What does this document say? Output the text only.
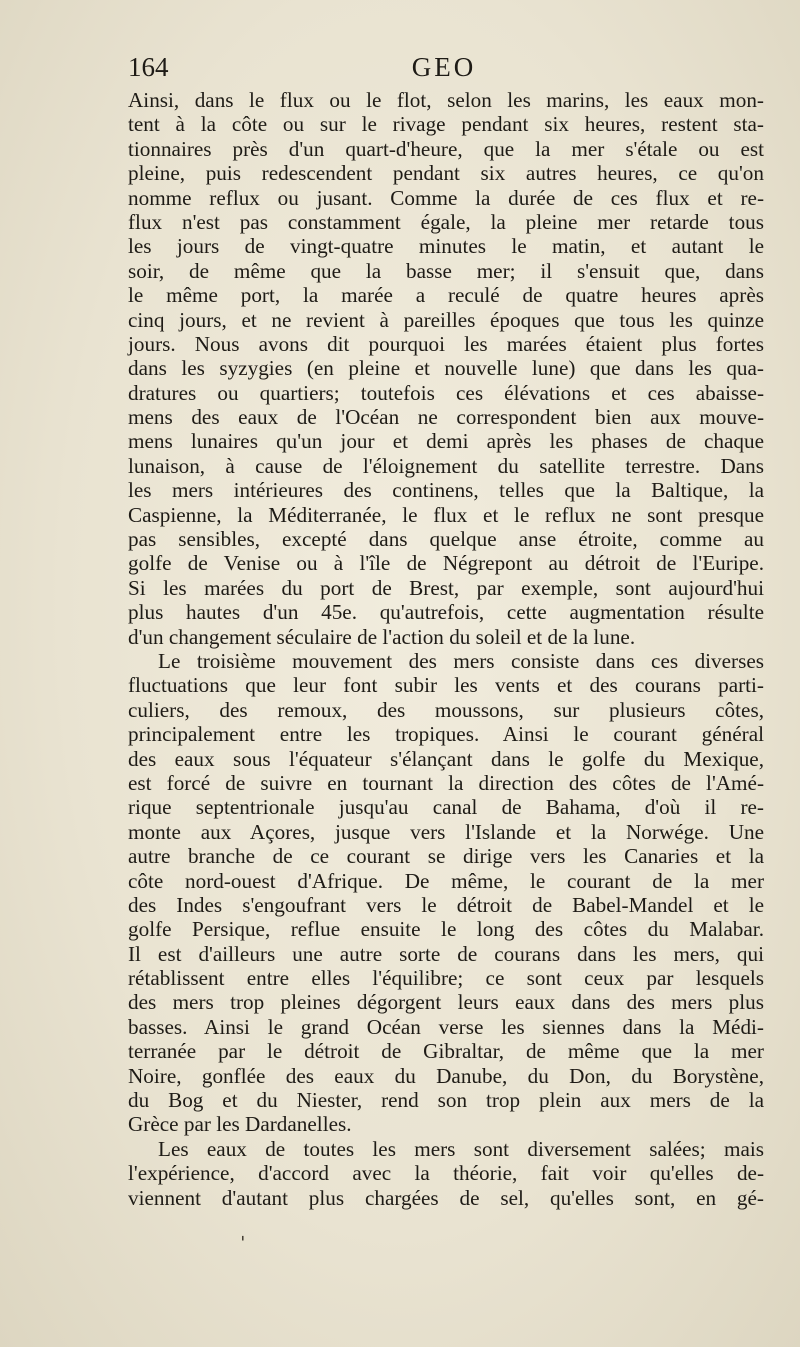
164	GEO
Ainsi, dans le flux ou le flot, selon les marins, les eaux mon-
tent à la côte ou sur le rivage pendant six heures, restent sta-
tionnaires près d'un quart-d'heure, que la mer s'étale ou est
pleine, puis redescendent pendant six autres heures, ce qu'on
nomme reflux ou jusant. Comme la durée de ces flux et re-
flux n'est pas constamment égale, la pleine mer retarde tous
les jours de vingt-quatre minutes le matin, et autant le
soir, de même que la basse mer; il s'ensuit que, dans
le même port, la marée a reculé de quatre heures après
cinq jours, et ne revient à pareilles époques que tous les quinze
jours. Nous avons dit pourquoi les marées étaient plus fortes
dans les syzygies (en pleine et nouvelle lune) que dans les qua-
dratures ou quartiers; toutefois ces élévations et ces abaisse-
mens des eaux de l'Océan ne correspondent bien aux mouve-
mens lunaires qu'un jour et demi après les phases de chaque
lunaison, à cause de l'éloignement du satellite terrestre. Dans
les mers intérieures des continens, telles que la Baltique, la
Caspienne, la Méditerranée, le flux et le reflux ne sont presque
pas sensibles, excepté dans quelque anse étroite, comme au
golfe de Venise ou à l'île de Négrepont au détroit de l'Euripe.
Si les marées du port de Brest, par exemple, sont aujourd'hui
plus hautes d'un 45e. qu'autrefois, cette augmentation résulte
d'un changement séculaire de l'action du soleil et de la lune.
Le troisième mouvement des mers consiste dans ces diverses
fluctuations que leur font subir les vents et des courans parti-
culiers, des remoux, des moussons, sur plusieurs côtes,
principalement entre les tropiques. Ainsi le courant général
des eaux sous l'équateur s'élançant dans le golfe du Mexique,
est forcé de suivre en tournant la direction des côtes de l'Amé-
rique septentrionale jusqu'au canal de Bahama, d'où il re-
monte aux Açores, jusque vers l'Islande et la Norwége. Une
autre branche de ce courant se dirige vers les Canaries et la
côte nord-ouest d'Afrique. De même, le courant de la mer
des Indes s'engoufrant vers le détroit de Babel-Mandel et le
golfe Persique, reflue ensuite le long des côtes du Malabar.
Il est d'ailleurs une autre sorte de courans dans les mers, qui
rétablissent entre elles l'équilibre; ce sont ceux par lesquels
des mers trop pleines dégorgent leurs eaux dans des mers plus
basses. Ainsi le grand Océan verse les siennes dans la Médi-
terranée par le détroit de Gibraltar, de même que la mer
Noire, gonflée des eaux du Danube, du Don, du Borystène,
du Bog et du Niester, rend son trop plein aux mers de la
Grèce par les Dardanelles.
Les eaux de toutes les mers sont diversement salées; mais
l'expérience, d'accord avec la théorie, fait voir qu'elles de-
viennent d'autant plus chargées de sel, qu'elles sont, en gé-
ˈ
